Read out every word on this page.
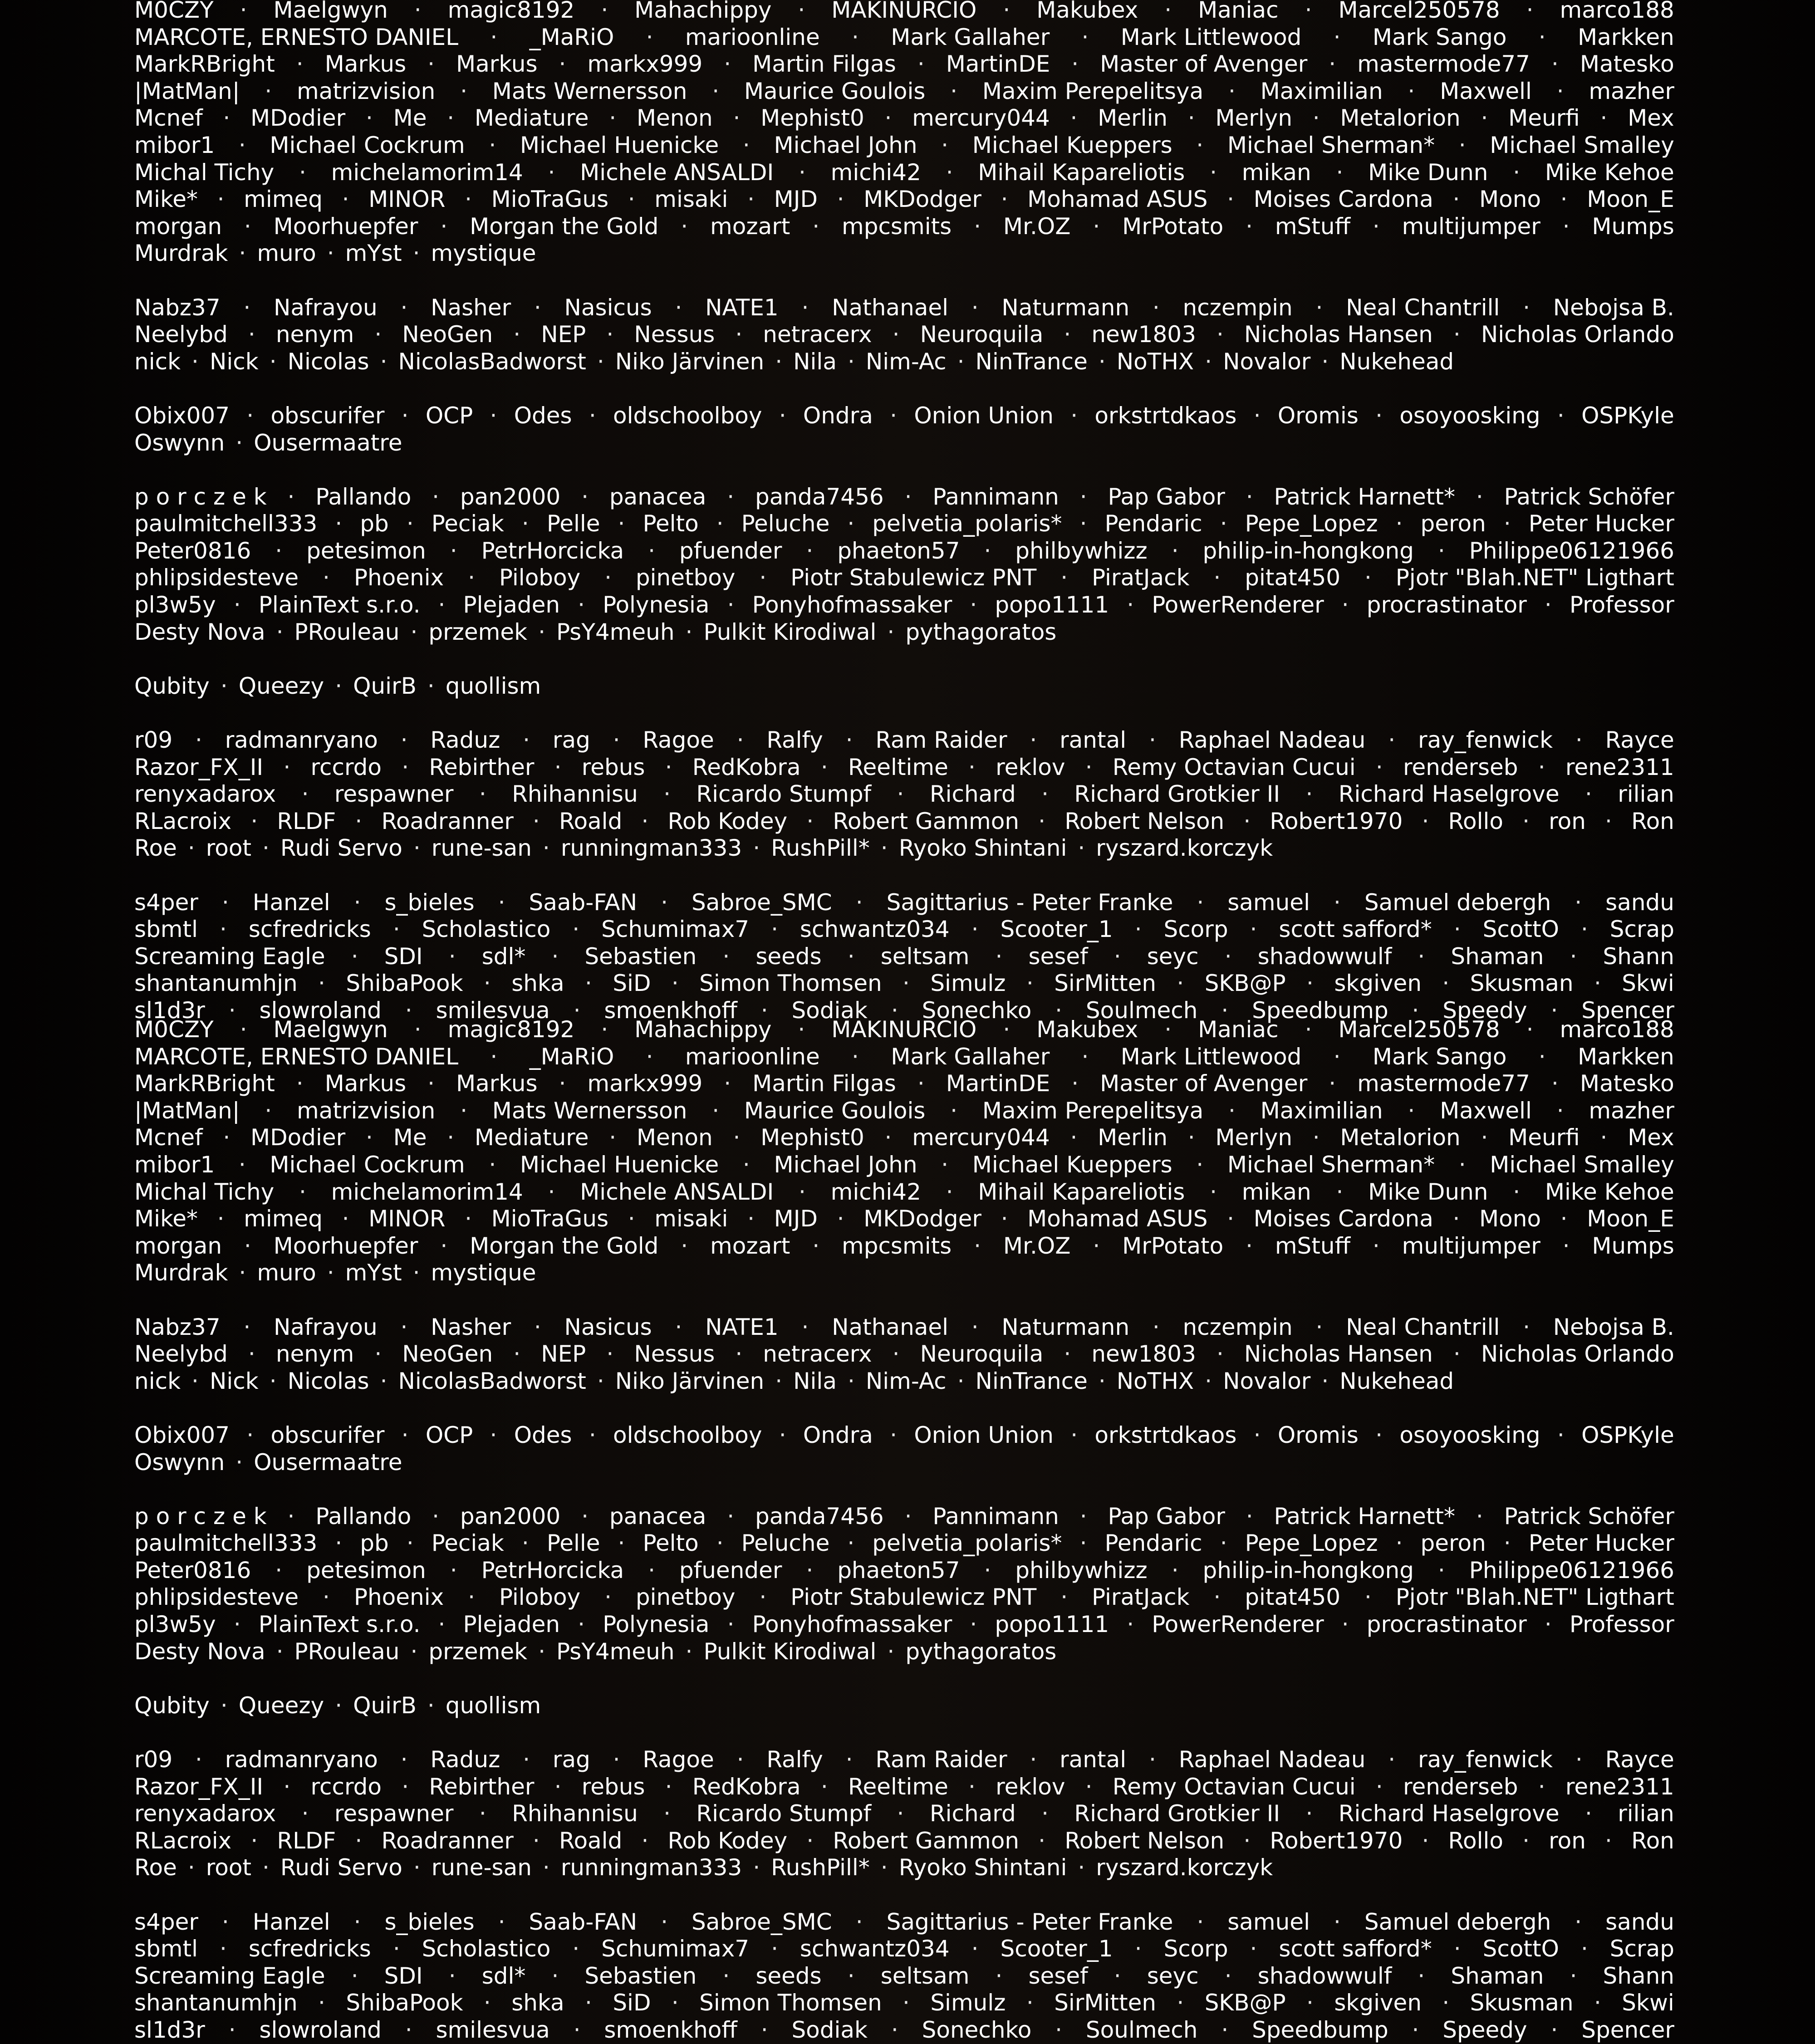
M0CZY · Maelgwyn · magic8192 · Mahachippy · MAKINURCIO · Makubex · Maniac · Marcel250578 · marco188
MARCOTE, ERNESTO DANIEL · _MaRiO · marioonline · Mark Gallaher · Mark Littlewood · Mark Sango · Markken
MarkRBright · Markus · Markus · markx999 · Martin Filgas · MartinDE · Master of Avenger · mastermode77 · Matesko
|MatMan| · matrizvision · Mats Wernersson · Maurice Goulois · Maxim Perepelitsya · Maximilian · Maxwell · mazher
Mcnef · MDodier · Me · Mediature · Menon · Mephist0 · mercury044 · Merlin · Merlyn · Metalorion · Meurfi · Mex
mibor1 · Michael Cockrum · Michael Huenicke · Michael John · Michael Kueppers · Michael Sherman* · Michael Smalley
Michal Tichy · michelamorim14 · Michele ANSALDI · michi42 · Mihail Kapareliotis · mikan · Mike Dunn · Mike Kehoe
Mike* · mimeq · MINOR · MioTraGus · misaki · MJD · MKDodger · Mohamad ASUS · Moises Cardona · Mono · Moon_E
morgan · Moorhuepfer · Morgan the Gold · mozart · mpcsmits · Mr.OZ · MrPotato · mStuff · multijumper · Mumps
Murdrak · muro · mYst · mystique
Nabz37 · Nafrayou · Nasher · Nasicus · NATE1 · Nathanael · Naturmann · nczempin · Neal Chantrill · Nebojsa B.
Neelybd · nenym · NeoGen · NEP · Nessus · netracerx · Neuroquila · new1803 · Nicholas Hansen · Nicholas Orlando
nick · Nick · Nicolas · NicolasBadworst · Niko Järvinen · Nila · Nim-Ac · NinTrance · NoTHX · Novalor · Nukehead
Obix007 · obscurifer · OCP · Odes · oldschoolboy · Ondra · Onion Union · orkstrtdkaos · Oromis · osoyoosking · OSPKyle
Oswynn · Ousermaatre
p o r c z e k · Pallando · pan2000 · panacea · panda7456 · Pannimann · Pap Gabor · Patrick Harnett* · Patrick Schöfer
paulmitchell333 · pb · Peciak · Pelle · Pelto · Peluche · pelvetia_polaris* · Pendaric · Pepe_Lopez · peron · Peter Hucker
Peter0816 · petesimon · PetrHorcicka · pfuender · phaeton57 · philbywhizz · philip-in-hongkong · Philippe06121966
phlipsidesteve · Phoenix · Piloboy · pinetboy · Piotr Stabulewicz PNT · PiratJack · pitat450 · Pjotr "Blah.NET" Ligthart
pl3w5y · PlainText s.r.o. · Plejaden · Polynesia · Ponyhofmassaker · popo1111 · PowerRenderer · procrastinator · Professor
Desty Nova · PRouleau · przemek · PsY4meuh · Pulkit Kirodiwal · pythagoratos
Qubity · Queezy · QuirB · quollism
r09 · radmanryano · Raduz · rag · Ragoe · Ralfy · Ram Raider · rantal · Raphael Nadeau · ray_fenwick · Rayce
Razor_FX_II · rccrdo · Rebirther · rebus · RedKobra · Reeltime · reklov · Remy Octavian Cucui · renderseb · rene2311
renyxadarox · respawner · Rhihannisu · Ricardo Stumpf · Richard · Richard Grotkier II · Richard Haselgrove · rilian
RLacroix · RLDF · Roadranner · Roald · Rob Kodey · Robert Gammon · Robert Nelson · Robert1970 · Rollo · ron · Ron
Roe · root · Rudi Servo · rune-san · runningman333 · RushPill* · Ryoko Shintani · ryszard.korczyk
s4per · Hanzel · s_bieles · Saab-FAN · Sabroe_SMC · Sagittarius - Peter Franke · samuel · Samuel debergh · sandu
sbmtl · scfredricks · Scholastico · Schumimax7 · schwantz034 · Scooter_1 · Scorp · scott safford* · ScottO · Scrap
Screaming Eagle · SDI · sdl* · Sebastien · seeds · seltsam · sesef · seyc · shadowwulf · Shaman · Shann
shantanumhjn · ShibaPook · shka · SiD · Simon Thomsen · Simulz · SirMitten · SKB@P · skgiven · Skusman · Skwi
sl1d3r · slowroland · smilesvua · smoenkhoff · Sodiak · Sonechko · Soulmech · Speedbump · Speedy · Spencer
M0CZY · Maelgwyn · magic8192 · Mahachippy · MAKINURCIO · Makubex · Maniac · Marcel250578 · marco188
MARCOTE, ERNESTO DANIEL · _MaRiO · marioonline · Mark Gallaher · Mark Littlewood · Mark Sango · Markken
MarkRBright · Markus · Markus · markx999 · Martin Filgas · MartinDE · Master of Avenger · mastermode77 · Matesko
|MatMan| · matrizvision · Mats Wernersson · Maurice Goulois · Maxim Perepelitsya · Maximilian · Maxwell · mazher
Mcnef · MDodier · Me · Mediature · Menon · Mephist0 · mercury044 · Merlin · Merlyn · Metalorion · Meurfi · Mex
mibor1 · Michael Cockrum · Michael Huenicke · Michael John · Michael Kueppers · Michael Sherman* · Michael Smalley
Michal Tichy · michelamorim14 · Michele ANSALDI · michi42 · Mihail Kapareliotis · mikan · Mike Dunn · Mike Kehoe
Mike* · mimeq · MINOR · MioTraGus · misaki · MJD · MKDodger · Mohamad ASUS · Moises Cardona · Mono · Moon_E
morgan · Moorhuepfer · Morgan the Gold · mozart · mpcsmits · Mr.OZ · MrPotato · mStuff · multijumper · Mumps
Murdrak · muro · mYst · mystique
Nabz37 · Nafrayou · Nasher · Nasicus · NATE1 · Nathanael · Naturmann · nczempin · Neal Chantrill · Nebojsa B.
Neelybd · nenym · NeoGen · NEP · Nessus · netracerx · Neuroquila · new1803 · Nicholas Hansen · Nicholas Orlando
nick · Nick · Nicolas · NicolasBadworst · Niko Järvinen · Nila · Nim-Ac · NinTrance · NoTHX · Novalor · Nukehead
Obix007 · obscurifer · OCP · Odes · oldschoolboy · Ondra · Onion Union · orkstrtdkaos · Oromis · osoyoosking · OSPKyle
Oswynn · Ousermaatre
p o r c z e k · Pallando · pan2000 · panacea · panda7456 · Pannimann · Pap Gabor · Patrick Harnett* · Patrick Schöfer
paulmitchell333 · pb · Peciak · Pelle · Pelto · Peluche · pelvetia_polaris* · Pendaric · Pepe_Lopez · peron · Peter Hucker
Peter0816 · petesimon · PetrHorcicka · pfuender · phaeton57 · philbywhizz · philip-in-hongkong · Philippe06121966
phlipsidesteve · Phoenix · Piloboy · pinetboy · Piotr Stabulewicz PNT · PiratJack · pitat450 · Pjotr "Blah.NET" Ligthart
pl3w5y · PlainText s.r.o. · Plejaden · Polynesia · Ponyhofmassaker · popo1111 · PowerRenderer · procrastinator · Professor
Desty Nova · PRouleau · przemek · PsY4meuh · Pulkit Kirodiwal · pythagoratos
Qubity · Queezy · QuirB · quollism
r09 · radmanryano · Raduz · rag · Ragoe · Ralfy · Ram Raider · rantal · Raphael Nadeau · ray_fenwick · Rayce
Razor_FX_II · rccrdo · Rebirther · rebus · RedKobra · Reeltime · reklov · Remy Octavian Cucui · renderseb · rene2311
renyxadarox · respawner · Rhihannisu · Ricardo Stumpf · Richard · Richard Grotkier II · Richard Haselgrove · rilian
RLacroix · RLDF · Roadranner · Roald · Rob Kodey · Robert Gammon · Robert Nelson · Robert1970 · Rollo · ron · Ron
Roe · root · Rudi Servo · rune-san · runningman333 · RushPill* · Ryoko Shintani · ryszard.korczyk
s4per · Hanzel · s_bieles · Saab-FAN · Sabroe_SMC · Sagittarius - Peter Franke · samuel · Samuel debergh · sandu
sbmtl · scfredricks · Scholastico · Schumimax7 · schwantz034 · Scooter_1 · Scorp · scott safford* · ScottO · Scrap
Screaming Eagle · SDI · sdl* · Sebastien · seeds · seltsam · sesef · seyc · shadowwulf · Shaman · Shann
shantanumhjn · ShibaPook · shka · SiD · Simon Thomsen · Simulz · SirMitten · SKB@P · skgiven · Skusman · Skwi
sl1d3r · slowroland · smilesvua · smoenkhoff · Sodiak · Sonechko · Soulmech · Speedbump · Speedy · Spencer
